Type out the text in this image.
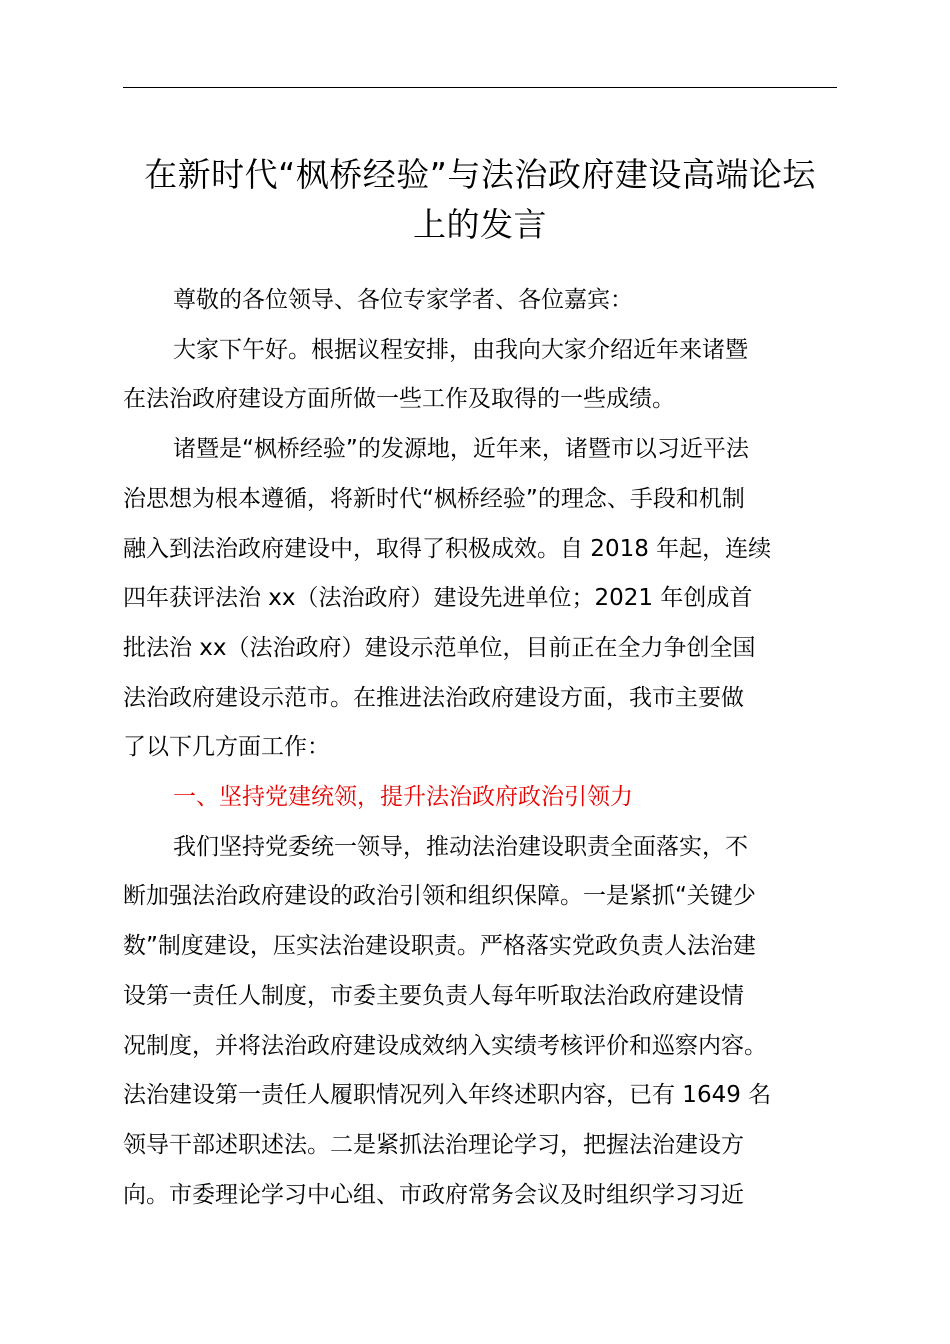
在新时代“枫桥经验”与法治政府建设高端论坛
上的发言

尊敬的各位领导、各位专家学者、各位嘉宾：

大家下午好。根据议程安排，由我向大家介绍近年来诸暨
在法治政府建设方面所做一些工作及取得的一些成绩。

诸暨是“枫桥经验”的发源地，近年来，诸暨市以习近平法
治思想为根本遵循，将新时代“枫桥经验”的理念、手段和机制
融入到法治政府建设中，取得了积极成效。自 2018 年起，连续
四年获评法治 xx（法治政府）建设先进单位；2021 年创成首
批法治 xx（法治政府）建设示范单位，目前正在全力争创全国
法治政府建设示范市。在推进法治政府建设方面，我市主要做
了以下几方面工作：

一、坚持党建统领，提升法治政府政治引领力

我们坚持党委统一领导，推动法治建设职责全面落实，不
断加强法治政府建设的政治引领和组织保障。一是紧抓“关键少
数”制度建设，压实法治建设职责。严格落实党政负责人法治建
设第一责任人制度，市委主要负责人每年听取法治政府建设情
况制度，并将法治政府建设成效纳入实绩考核评价和巡察内容。
法治建设第一责任人履职情况列入年终述职内容，已有 1649 名
领导干部述职述法。二是紧抓法治理论学习，把握法治建设方
向。市委理论学习中心组、市政府常务会议及时组织学习习近
